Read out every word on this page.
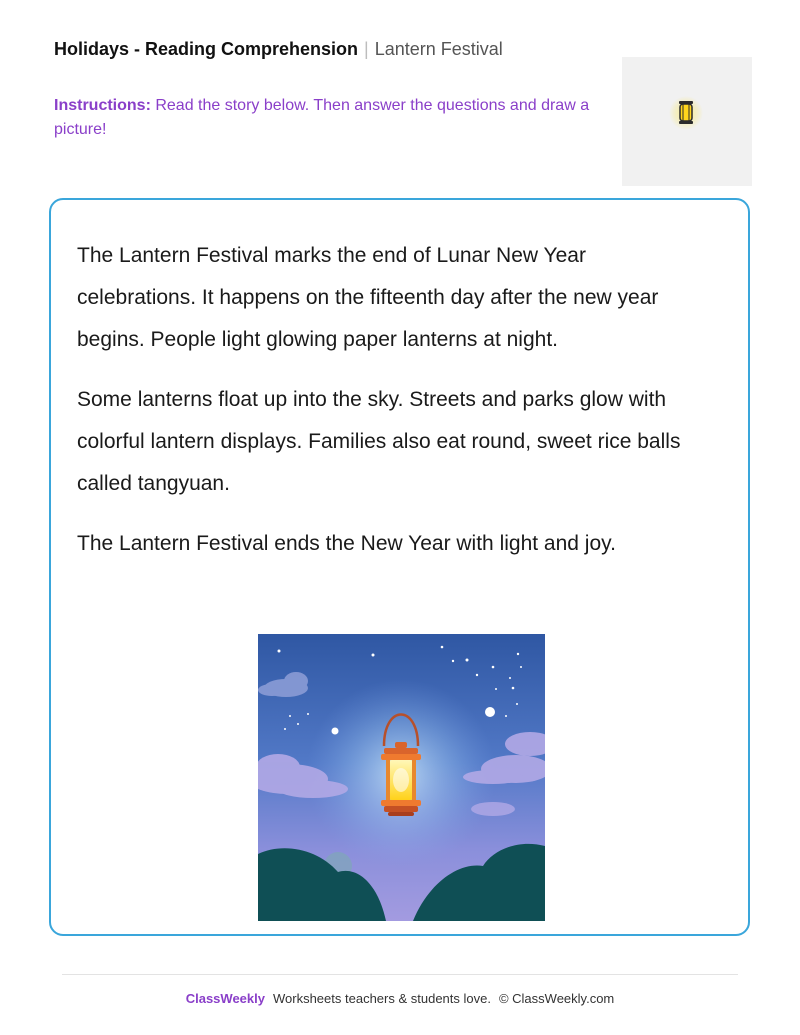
Holidays - Reading Comprehension | Lantern Festival
Instructions: Read the story below. Then answer the questions and draw a picture!

The Lantern Festival marks the end of Lunar New Year celebrations. It happens on the fifteenth day after the new year begins. People light glowing paper lanterns at night.

Some lanterns float up into the sky. Streets and parks glow with colorful lantern displays. Families also eat round, sweet rice balls called tangyuan.

The Lantern Festival ends the New Year with light and joy.

ClassWeekly Worksheets teachers & students love. © ClassWeekly.com
